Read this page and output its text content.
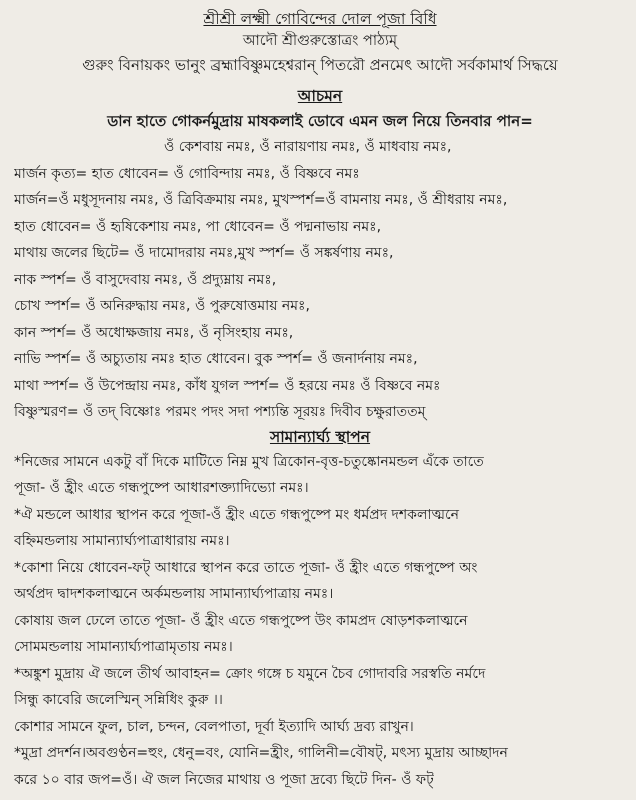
শ্রীশ্রী লক্ষ্মী গোবিন্দের দোল পূজা বিধি
আদৌ শ্রীগুরুস্তোত্রং পাঠ্যম্
গুরুং বিনায়কং ভানুং ব্রহ্মাবিষ্ণুমহেশ্বরান্ পিতরৌ প্রনমেৎ আদৌ সর্বকামার্থ সিদ্ধয়ে
আচমন
ডান হাতে গোকর্নমুদ্রায় মাষকলাই ডোবে এমন জল নিয়ে তিনবার পান=
ওঁ কেশবায় নমঃ, ওঁ নারায়ণায় নমঃ, ওঁ মাধবায় নমঃ,
মার্জন কৃত্য= হাত ধোবেন= ওঁ গোবিন্দায় নমঃ, ওঁ বিষ্ণবে নমঃ
মার্জন=ওঁ মধুসূদনায় নমঃ, ওঁ ত্রিবিক্রমায় নমঃ, মুখস্পর্শ=ওঁ বামনায় নমঃ, ওঁ শ্রীধরায় নমঃ,
হাত ধোবেন= ওঁ হৃষিকেশায় নমঃ, পা ধোবেন= ওঁ পদ্মনাভায় নমঃ,
মাথায় জলের ছিটে= ওঁ দামোদরায় নমঃ,মুখ স্পর্শ= ওঁ সঙ্কর্ষণায় নমঃ,
নাক স্পর্শ= ওঁ বাসুদেবায় নমঃ, ওঁ প্রদ্যুম্নায় নমঃ,
চোখ স্পর্শ= ওঁ অনিরুদ্ধায় নমঃ, ওঁ পুরুষোত্তমায় নমঃ,
কান স্পর্শ= ওঁ অধোক্ষজায় নমঃ, ওঁ নৃসিংহায় নমঃ,
নাভি স্পর্শ= ওঁ অচ্যুতায় নমঃ হাত ধোবেন। বুক স্পর্শ= ওঁ জনার্দনায় নমঃ,
মাথা স্পর্শ= ওঁ উপেন্দ্রায় নমঃ, কাঁধ যুগল স্পর্শ= ওঁ হরয়ে নমঃ ওঁ বিষ্ণবে নমঃ
বিষ্ণুস্মরণ= ওঁ তদ্ বিষ্ণোঃ পরমং পদং সদা পশ্যন্তি সূরয়ঃ দিবীব চক্ষুরাততম্
সামান্যার্ঘ্য স্থাপন
*নিজের সামনে একটু বাঁ দিকে মাটিতে নিম্ন মুখ ত্রিকোন-বৃত্ত-চতুষ্কোনমন্ডল এঁকে তাতে
পূজা- ওঁ হ্রীং এতে গন্ধপুষ্পে আধারশক্ত্যাদিভ্যো নমঃ।
*ঐ মন্ডলে আধার স্থাপন করে পূজা-ওঁ হ্রীং এতে গন্ধপুষ্পে মং ধর্মপ্রদ দশকলাত্মনে
বহ্নিমন্ডলায় সামান্যার্ঘ্যপাত্রাধারায় নমঃ।
*কোশা নিয়ে ধোবেন-ফট্ আধারে স্থাপন করে তাতে পূজা- ওঁ হ্রীং এতে গন্ধপুষ্পে অং
অর্থপ্রদ দ্বাদশকলাত্মনে অর্কমন্ডলায় সামান্যার্ঘ্যপাত্রায় নমঃ।
কোষায় জল ঢেলে তাতে পূজা- ওঁ হ্রীং এতে গন্ধপুষ্পে উং কামপ্রদ ষোড়শকলাত্মনে
সোমমন্ডলায় সামান্যার্ঘ্যপাত্রামৃতায় নমঃ।
*অঙ্কুশ মুদ্রায় ঐ জলে তীর্থ আবাহন= ক্রোং গঙ্গে চ যমুনে চৈব গোদাবরি সরস্বতি নর্মদে
সিন্ধু কাবেরি জলেস্মিন্ সন্নিধিং কুরু ।।
কোশার সামনে ফুল, চাল, চন্দন, বেলপাতা, দূর্বা ইত্যাদি আর্ঘ্য দ্রব্য রাখুন।
*মুদ্রা প্রদর্শন।অবগুণ্ঠন=হুং, ধেনু=বং, যোনি=হ্রীং, গালিনী=বৌষট্, মৎস্য মুদ্রায় আচ্ছাদন
করে ১০ বার জপ=ওঁ। ঐ জল নিজের মাথায় ও পূজা দ্রব্যে ছিটে দিন- ওঁ ফট্
